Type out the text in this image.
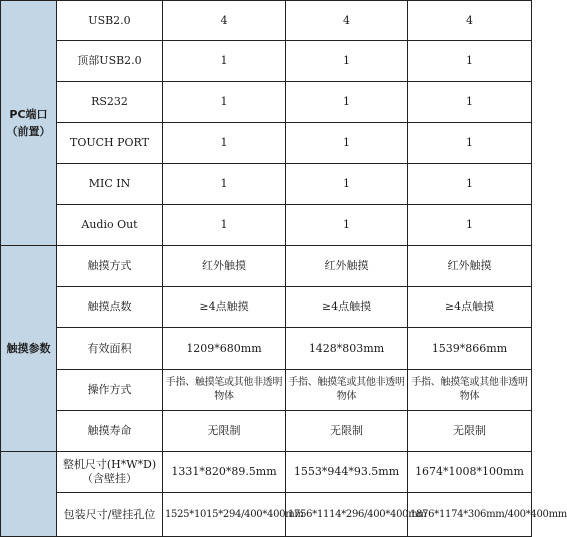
PC端口
（前置）	USB2.0	4	4	4
	顶部USB2.0	1	1	1
	RS232	1	1	1
	TOUCH PORT	1	1	1
	MIC IN	1	1	1
	Audio Out	1	1	1

触摸参数	触摸方式	红外触摸	红外触摸	红外触摸
	触摸点数	≥4点触摸	≥4点触摸	≥4点触摸
	有效面积	1209*680mm	1428*803mm	1539*866mm
	操作方式	手指、触摸笔或其他非透明物体	手指、触摸笔或其他非透明物体	手指、触摸笔或其他非透明物体
	触摸寿命	无限制	无限制	无限制

	整机尺寸(H*W*D)（含壁挂）	1331*820*89.5mm	1553*944*93.5mm	1674*1008*100mm
	包装尺寸/壁挂孔位	1525*1015*294/400*400mm	1756*1114*296/400*400mm	1876*1174*306mm/400*400mm
